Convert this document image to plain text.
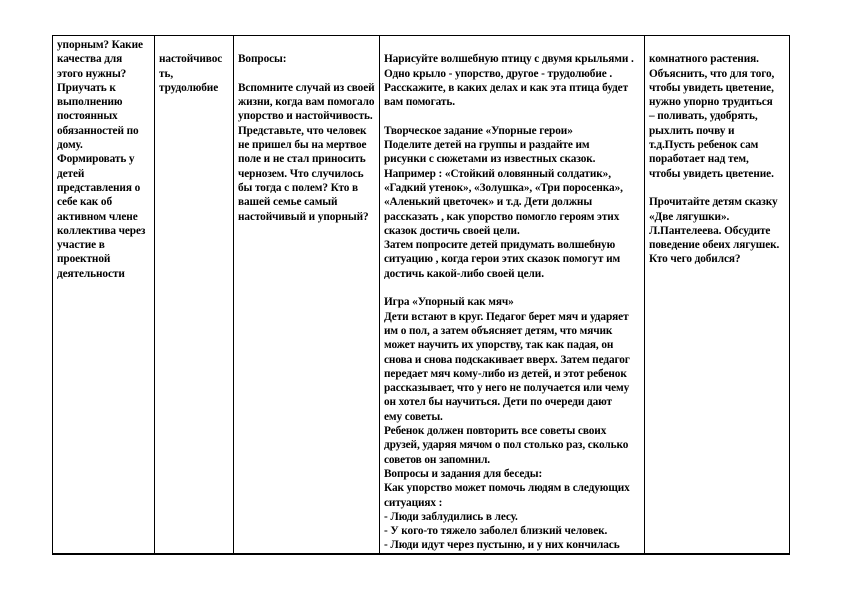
упорным? Какие
качества для
этого нужны?
Приучать к
выполнению
постоянных
обязанностей по
дому.
Формировать у
детей
представления о
себе как об
активном члене
коллектива через
участие в
проектной
деятельности
настойчивос
ть,
трудолюбие
Вопросы:
Вспомните случай из своей
жизни, когда вам помогало
упорство и настойчивость.
Представьте, что человек
не пришел бы на мертвое
поле и не стал приносить
чернозем. Что случилось
бы тогда с полем? Кто в
вашей семье самый
настойчивый и упорный?
Нарисуйте волшебную птицу с двумя крыльями .
Одно крыло - упорство, другое - трудолюбие .
Расскажите, в каких делах и как эта птица будет
вам помогать.
Творческое задание «Упорные герои»
Поделите детей на группы и раздайте им
рисунки с сюжетами из известных сказок.
Например : «Стойкий оловянный солдатик»,
«Гадкий утенок», «Золушка», «Три поросенка»,
«Аленький цветочек» и т.д. Дети должны
рассказать , как упорство помогло героям этих
сказок достичь своей цели.
Затем попросите детей придумать волшебную
ситуацию , когда герои этих сказок помогут им
достичь какой-либо своей цели.
Игра «Упорный как мяч»
Дети встают в круг. Педагог берет мяч и ударяет
им о пол, а затем объясняет детям, что мячик
может научить их упорству, так как падая, он
снова и снова подскакивает вверх. Затем педагог
передает мяч кому-либо из детей, и этот ребенок
рассказывает, что у него не получается или чему
он хотел бы научиться. Дети по очереди дают
ему советы.
Ребенок должен повторить все советы своих
друзей, ударяя мячом о пол столько раз, сколько
советов он запомнил.
Вопросы и задания для беседы:
Как упорство может помочь людям в следующих
ситуациях :
- Люди заблудились в лесу.
- У кого-то тяжело заболел близкий человек.
- Люди идут через пустыню, и у них кончилась
комнатного растения.
Объяснить, что для того,
чтобы увидеть цветение,
нужно упорно трудиться
– поливать, удобрять,
рыхлить почву и
т.д.Пусть ребенок сам
поработает над тем,
чтобы увидеть цветение.
Прочитайте детям сказку
«Две лягушки».
Л.Пантелеева. Обсудите
поведение обеих лягушек.
Кто чего добился?
